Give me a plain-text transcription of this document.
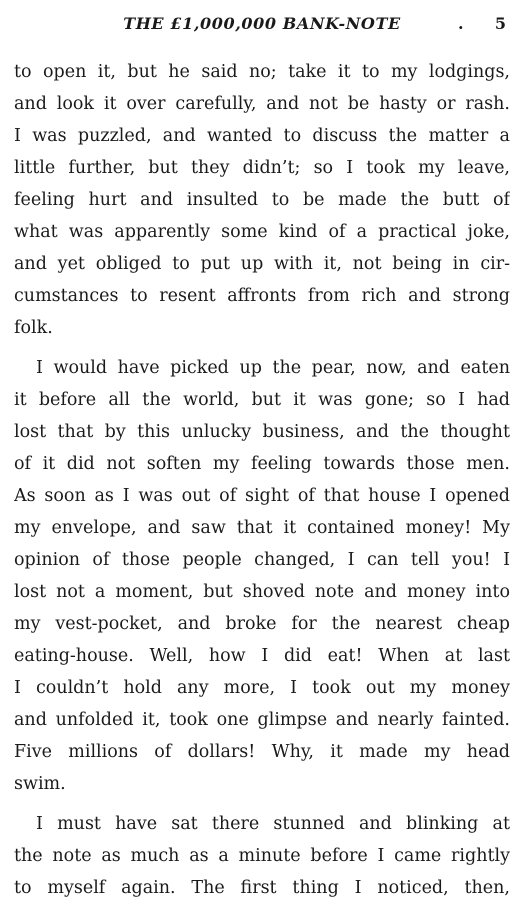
THE £1,000,000 BANK-NOTE	. 5
to open it, but he said no; take it to my lodgings,
and look it over carefully, and not be hasty or rash.
I was puzzled, and wanted to discuss the matter a
little further, but they didn’t; so I took my leave,
feeling hurt and insulted to be made the butt of
what was apparently some kind of a practical joke,
and yet obliged to put up with it, not being in cir-
cumstances to resent affronts from rich and strong
folk.
I would have picked up the pear, now, and eaten
it before all the world, but it was gone; so I had
lost that by this unlucky business, and the thought
of it did not soften my feeling towards those men.
As soon as I was out of sight of that house I opened
my envelope, and saw that it contained money! My
opinion of those people changed, I can tell you! I
lost not a moment, but shoved note and money into
my vest-pocket, and broke for the nearest cheap
eating-house. Well, how I did eat! When at last
I couldn’t hold any more, I took out my money
and unfolded it, took one glimpse and nearly fainted.
Five millions of dollars! Why, it made my head
swim.
I must have sat there stunned and blinking at
the note as much as a minute before I came rightly
to myself again. The first thing I noticed, then,
